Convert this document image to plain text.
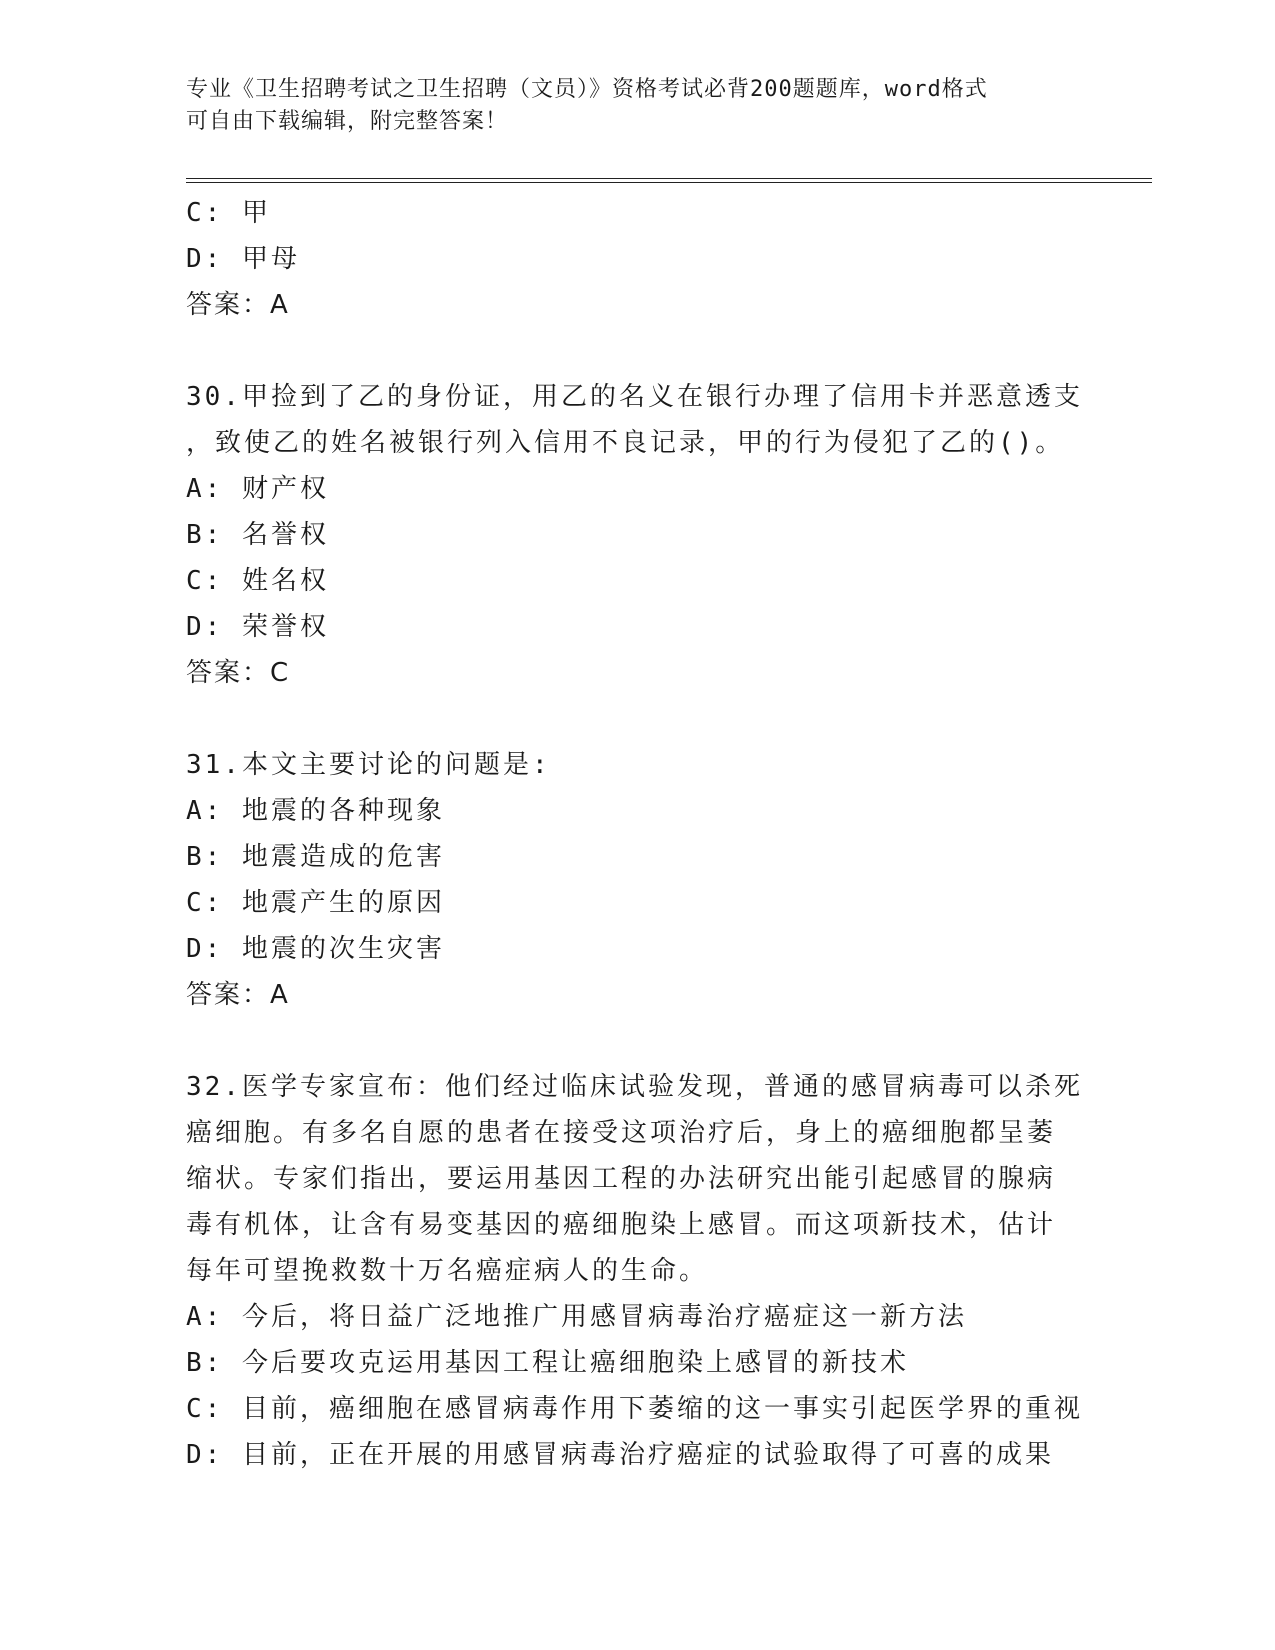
专业《卫生招聘考试之卫生招聘（文员）》资格考试必背200题题库，word格式
可自由下载编辑，附完整答案！

C: 甲

D: 甲母

答案：A

30.甲捡到了乙的身份证，用乙的名义在银行办理了信用卡并恶意透支

，致使乙的姓名被银行列入信用不良记录，甲的行为侵犯了乙的()。

A: 财产权

B: 名誉权

C: 姓名权

D: 荣誉权

答案：C

31.本文主要讨论的问题是:

A: 地震的各种现象

B: 地震造成的危害

C: 地震产生的原因

D: 地震的次生灾害

答案：A

32.医学专家宣布：他们经过临床试验发现，普通的感冒病毒可以杀死

癌细胞。有多名自愿的患者在接受这项治疗后，身上的癌细胞都呈萎

缩状。专家们指出，要运用基因工程的办法研究出能引起感冒的腺病

毒有机体，让含有易变基因的癌细胞染上感冒。而这项新技术，估计

每年可望挽救数十万名癌症病人的生命。

A: 今后，将日益广泛地推广用感冒病毒治疗癌症这一新方法

B: 今后要攻克运用基因工程让癌细胞染上感冒的新技术

C: 目前，癌细胞在感冒病毒作用下萎缩的这一事实引起医学界的重视

D: 目前，正在开展的用感冒病毒治疗癌症的试验取得了可喜的成果
